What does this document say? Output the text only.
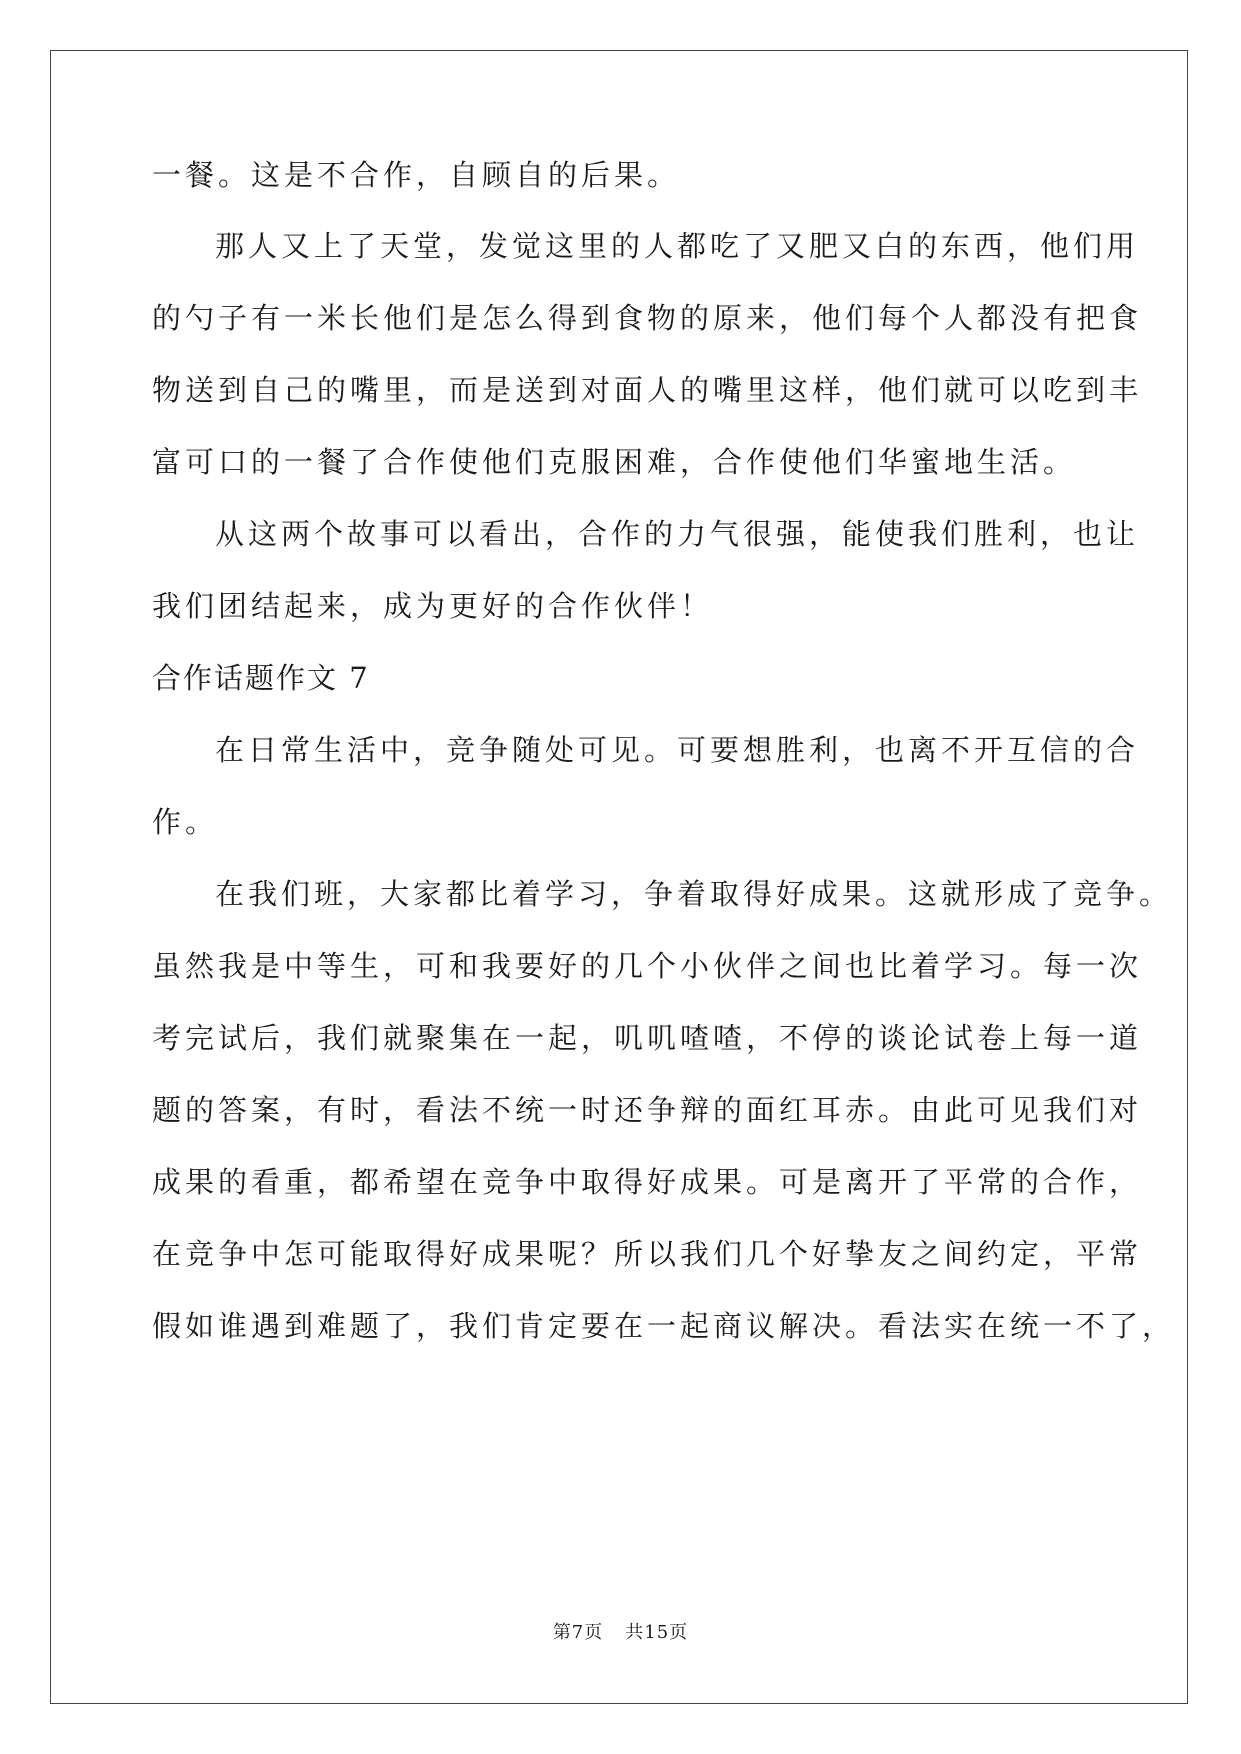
一餐。这是不合作，自顾自的后果。
那人又上了天堂，发觉这里的人都吃了又肥又白的东西，他们用
的勺子有一米长他们是怎么得到食物的原来，他们每个人都没有把食
物送到自己的嘴里，而是送到对面人的嘴里这样，他们就可以吃到丰
富可口的一餐了合作使他们克服困难，合作使他们华蜜地生活。
从这两个故事可以看出，合作的力气很强，能使我们胜利，也让
我们团结起来，成为更好的合作伙伴！
合作话题作文 7
在日常生活中，竞争随处可见。可要想胜利，也离不开互信的合
作。
在我们班，大家都比着学习，争着取得好成果。这就形成了竞争。
虽然我是中等生，可和我要好的几个小伙伴之间也比着学习。每一次
考完试后，我们就聚集在一起，叽叽喳喳，不停的谈论试卷上每一道
题的答案，有时，看法不统一时还争辩的面红耳赤。由此可见我们对
成果的看重，都希望在竞争中取得好成果。可是离开了平常的合作，
在竞争中怎可能取得好成果呢？所以我们几个好挚友之间约定，平常
假如谁遇到难题了，我们肯定要在一起商议解决。看法实在统一不了，
第7页 共15页
